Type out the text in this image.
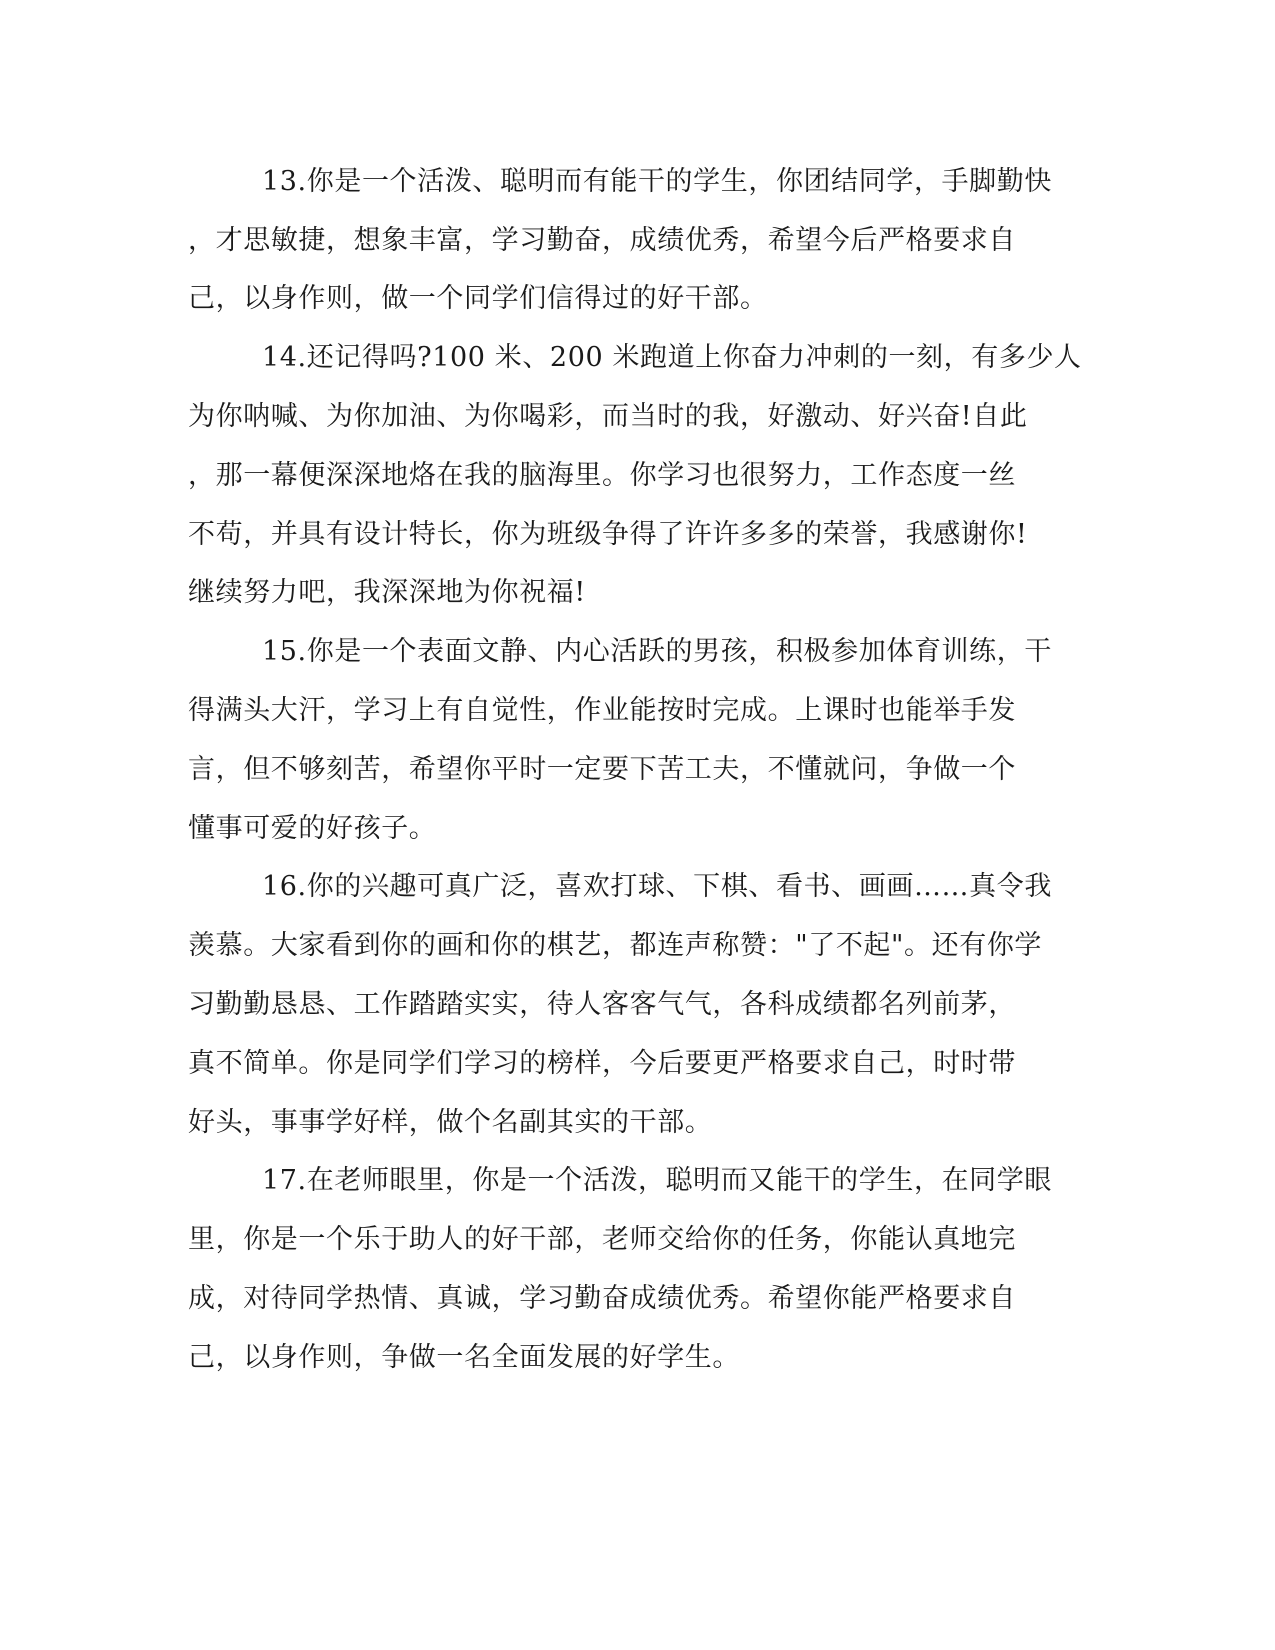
13.你是一个活泼、聪明而有能干的学生，你团结同学，手脚勤快
，才思敏捷，想象丰富，学习勤奋，成绩优秀，希望今后严格要求自
己，以身作则，做一个同学们信得过的好干部。
14.还记得吗?100 米、200 米跑道上你奋力冲刺的一刻，有多少人
为你呐喊、为你加油、为你喝彩，而当时的我，好激动、好兴奋!自此
，那一幕便深深地烙在我的脑海里。你学习也很努力，工作态度一丝
不苟，并具有设计特长，你为班级争得了许许多多的荣誉，我感谢你!
继续努力吧，我深深地为你祝福!
15.你是一个表面文静、内心活跃的男孩，积极参加体育训练，干
得满头大汗，学习上有自觉性，作业能按时完成。上课时也能举手发
言，但不够刻苦，希望你平时一定要下苦工夫，不懂就问，争做一个
懂事可爱的好孩子。
16.你的兴趣可真广泛，喜欢打球、下棋、看书、画画……真令我
羡慕。大家看到你的画和你的棋艺，都连声称赞："了不起"。还有你学
习勤勤恳恳、工作踏踏实实，待人客客气气，各科成绩都名列前茅，
真不简单。你是同学们学习的榜样，今后要更严格要求自己，时时带
好头，事事学好样，做个名副其实的干部。
17.在老师眼里，你是一个活泼，聪明而又能干的学生，在同学眼
里，你是一个乐于助人的好干部，老师交给你的任务，你能认真地完
成，对待同学热情、真诚，学习勤奋成绩优秀。希望你能严格要求自
己，以身作则，争做一名全面发展的好学生。
